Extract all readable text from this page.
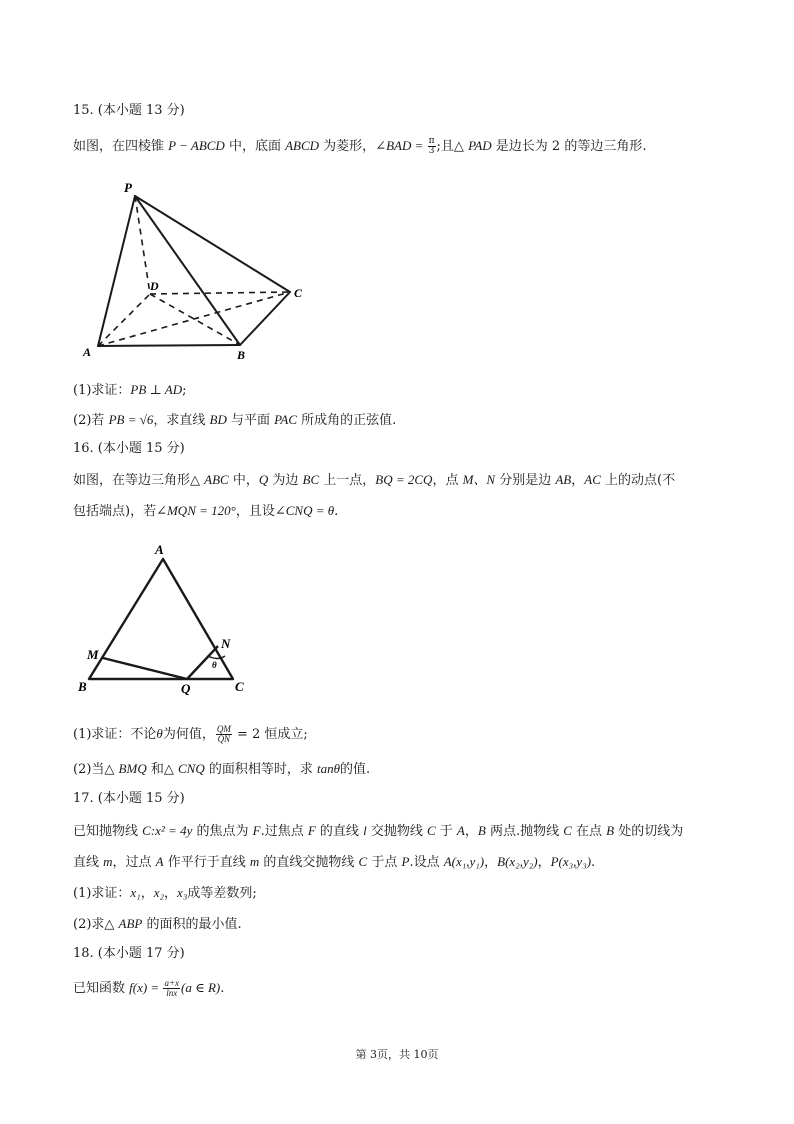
15. (本小题 13 分)
如图，在四棱锥 P − ABCD 中，底面 ABCD 为菱形，∠BAD = $\frac{\pi}{3}$ ;且△ PAD 是边长为 2 的等边三角形.
P
D	C
A	B
(1)求证：PB ⊥ AD;
(2)若 PB = √6，求直线 BD 与平面 PAC 所成角的正弦值.
16. (本小题 15 分)
如图，在等边三角形△ ABC 中，Q 为边 BC 上一点，BQ = 2CQ，点 M、N 分别是边 AB，AC 上的动点(不
包括端点)，若∠MQN = 120°，且设∠CNQ = θ.
A
M
N
θ
B	Q	C
(1)求证：不论θ为何值， $\frac{QM}{QN} = 2$ 恒成立;
(2)当△ BMQ 和△ CNQ 的面积相等时，求 tanθ的值.
17. (本小题 15 分)
已知抛物线 C:x² = 4y 的焦点为 F.过焦点 F 的直线 l 交抛物线 C 于 A，B 两点.抛物线 C 在点 B 处的切线为
直线 m，过点 A 作平行于直线 m 的直线交抛物线 C 于点 P.设点 A(x₁,y₁)，B(x₂,y₂)，P(x₃,y₃).
(1)求证：x₁，x₂，x₃成等差数列;
(2)求△ ABP 的面积的最小值.
18. (本小题 17 分)
已知函数 $f(x) = \frac{a+x}{\ln x} (a$ ∈ R).
第 3页，共 10页
